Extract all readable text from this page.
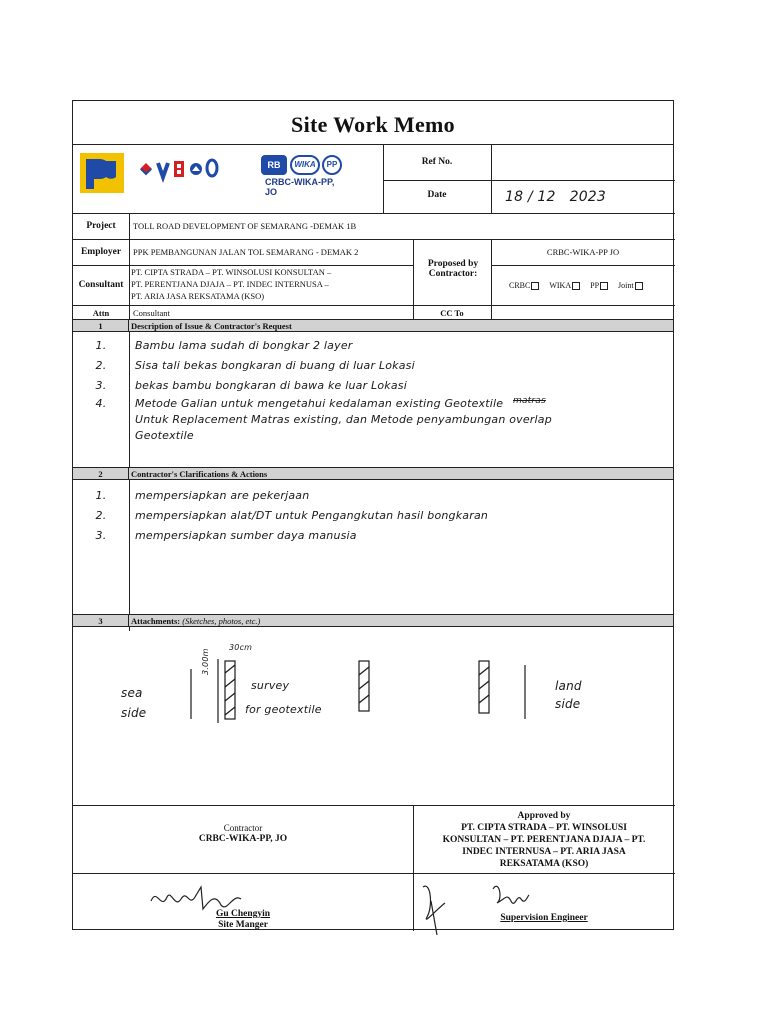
Site Work Memo
RB	WIKA	PP
CRBC-WIKA-PP, JO
Ref No.
Date	18 / 12   2023
Project	TOLL ROAD DEVELOPMENT OF SEMARANG -DEMAK 1B
Employer	PPK PEMBANGUNAN JALAN TOL SEMARANG - DEMAK 2
Consultant
PT. CIPTA STRADA – PT. WINSOLUSI KONSULTAN –
PT. PERENTJANA DJAJA – PT. INDEC INTERNUSA –
PT. ARIA JASA REKSATAMA (KSO)
Proposed by Contractor:
CRBC-WIKA-PP JO
CRBC WIKA PP Joint
Attn	Consultant	CC To
1	Description of Issue & Contractor's Request
1.	Bambu lama sudah di bongkar 2 layer
2.	Sisa tali bekas bongkaran di buang di luar Lokasi
3.	bekas bambu bongkaran di bawa ke luar Lokasi
4.	Metode Galian untuk mengetahui kedalaman existing Geotextile
Untuk Replacement Matras existing, dan Metode penyambungan overlap
Geotextile
matras
2	Contractor's Clarifications & Actions
1.	mempersiapkan are pekerjaan
2.	mempersiapkan alat/DT untuk Pengangkutan hasil bongkaran
3.	mempersiapkan sumber daya manusia
3	Attachments: (Sketches, photos, etc.)
sea
side
land
side
survey
for geotextile
30cm
3.00m
Contractor
CRBC-WIKA-PP, JO
Approved by
PT. CIPTA STRADA – PT. WINSOLUSI
KONSULTAN – PT. PERENTJANA DJAJA – PT.
INDEC INTERNUSA – PT. ARIA JASA
REKSATAMA (KSO)
Gu Chengyin
Site Manger
Supervision Engineer
